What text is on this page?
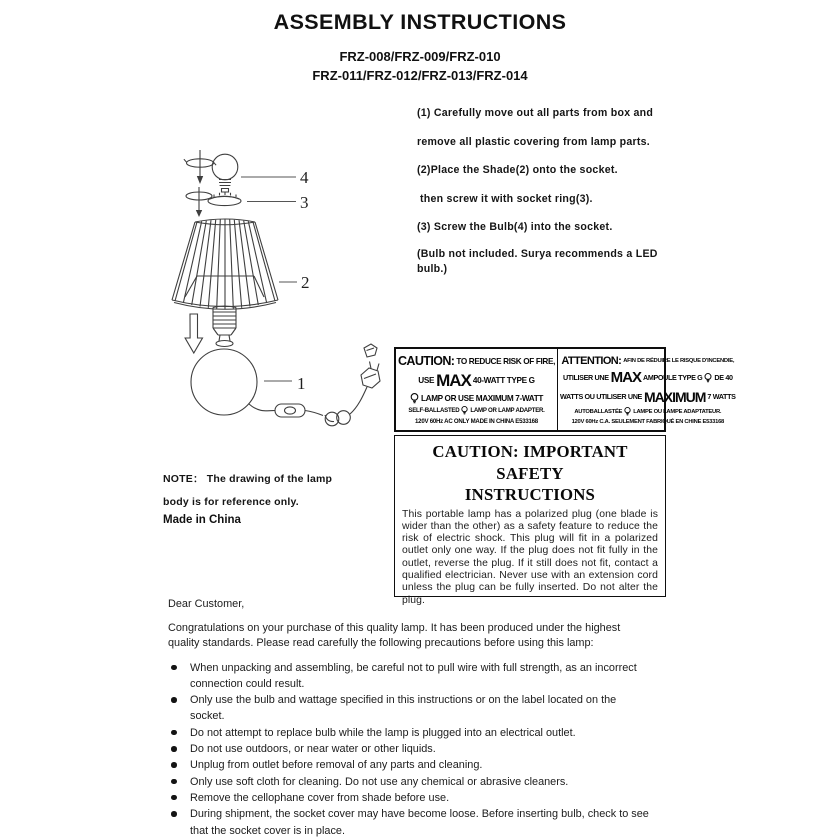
ASSEMBLY INSTRUCTIONS
FRZ-008/FRZ-009/FRZ-010
FRZ-011/FRZ-012/FRZ-013/FRZ-014

(1) Carefully move out all parts from box and

remove all plastic covering from lamp parts.

(2)Place the Shade(2) onto the socket.

then screw it with socket ring(3).

(3) Screw the Bulb(4) into the socket.

(Bulb not included. Surya recommends a LED bulb.)

4
3
2
1
CAUTION: TO REDUCE RISK OF FIRE,
USE MAX 40-WATT TYPE G
LAMP OR USE MAXIMUM 7-WATT
SELF-BALLASTED LAMP OR LAMP ADAPTER.
120V 60Hz AC ONLY MADE IN CHINA E533168
ATTENTION: AFIN DE RÉDUIRE LE RISQUE D'INCENDIE,
UTILISER UNE MAX AMPOULE TYPE G DE 40
WATTS OU UTILISER UNE MAXIMUM 7 WATTS
AUTOBALLASTÉE LAMPE OU LAMPE ADAPTATEUR.
120V 60Hz C.A. SEULEMENT FABRIQUÉ EN CHINE E533168
CAUTION: IMPORTANT SAFETY
INSTRUCTIONS

This portable lamp has a polarized plug (one blade is wider than the other) as a safety feature to reduce the risk of electric shock. This plug will fit in a polarized outlet only one way. If the plug does not fit fully in the outlet, reverse the plug. If it still does not fit, contact a qualified electrician. Never use with an extension cord unless the plug can be fully inserted. Do not alter the plug.

NOTE： The drawing of the lamp

body is for reference only.

Made in China

Dear Customer,

Congratulations on your purchase of this quality lamp. It has been produced under the highest quality standards. Please read carefully the following precautions before using this lamp:

When unpacking and assembling, be careful not to pull wire with full strength, as an incorrect connection could result.
Only use the bulb and wattage specified in this instructions or on the label located on the socket.
Do not attempt to replace bulb while the lamp is plugged into an electrical outlet.
Do not use outdoors, or near water or other liquids.
Unplug from outlet before removal of any parts and cleaning.
Only use soft cloth for cleaning. Do not use any chemical or abrasive cleaners.
Remove the cellophane cover from shade before use.
During shipment, the socket cover may have become loose. Before inserting bulb, check to see that the socket cover is in place.
